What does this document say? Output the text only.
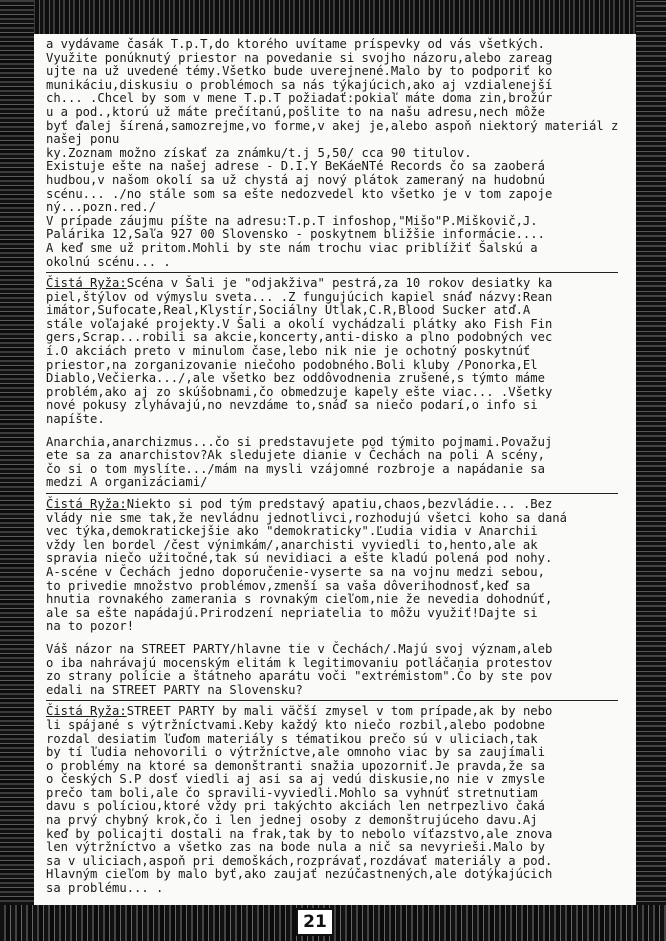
a vydávame časák T.p.T,do ktorého uvítame príspevky od vás všetkých.

Využite ponúknutý priestor na povedanie si svojho názoru,alebo zareag

ujte na už uvedené témy.Všetko bude uverejnené.Malo by to podporiť ko

munikáciu,diskusiu o problémoch sa nás týkajúcich,ako aj vzdialenejší

ch... .Chcel by som v mene T.p.T požiadať:pokiaľ máte doma zin,brožúr

u a pod.,ktorú už máte prečítanú,pošlite to na našu adresu,nech môže

byť ďalej šírená,samozrejme,vo forme,v akej je,alebo aspoň niektorý materiál z našej ponu

ky.Zoznam možno získať za známku/t.j 5,50/ cca 90 titulov.

Existuje ešte na našej adrese - D.I.Y BeKáeNTé Records čo sa zaoberá

hudbou,v našom okolí sa už chystá aj nový plátok zameraný na hudobnú

scénu... ./no stále som sa ešte nedozvedel kto všetko je v tom zapoje

ný...pozn.red./

V prípade záujmu píšte na adresu:T.p.T infoshop,"Mišo"P.Miškovič,J.

Palárika 12,Saľa 927 00 Slovensko - poskytnem bližšie informácie....

A keď sme už pritom.Mohli by ste nám trochu viac priblížiť Šalskú a

okolnú scénu... .

Čistá Ryža:Scéna v Šali je "odjakživa" pestrá,za 10 rokov desiatky ka

piel,štýlov od výmyslu sveta... .Z fungujúcich kapiel snáď názvy:Rean

imátor,Sufocate,Real,Klystír,Sociálny Útlak,C.R,Blood Sucker atď.A

stále voľajaké projekty.V Šali a okolí vychádzali plátky ako Fish Fin

gers,Scrap...robili sa akcie,koncerty,anti-disko a plno podobných vec

í.O akciách preto v minulom čase,lebo nik nie je ochotný poskytnúť

priestor,na zorganizovanie niečoho podobného.Boli kluby /Ponorka,El

Diablo,Večierka.../,ale všetko bez oddôvodnenia zrušené,s týmto máme

problém,ako aj zo skúšobnami,čo obmedzuje kapely ešte viac... .Všetky

nové pokusy zlyhávajú,no nevzdáme to,snáď sa niečo podarí,o info si

napíšte.

Anarchia,anarchizmus...čo si predstavujete pod týmito pojmami.Považuj

ete sa za anarchistov?Ak sledujete dianie v Čechách na poli A scény,

čo si o tom myslíte.../mám na mysli vzájomné rozbroje a napádanie sa

medzi A organizáciami/

Čistá Ryža:Niekto si pod tým predstavý apatiu,chaos,bezvládie... .Bez

vlády nie sme tak,že nevládnu jednotlivci,rozhodujú všetci koho sa daná

vec týka,demokratickejšie ako "demokraticky".Ľudia vidia v Anarchii

vždy len bordel /čest výnimkám/,anarchisti vyviedli to,hento,ale ak

spravia niečo užitočné,tak sú nevidiaci a ešte kladú polená pod nohy.

A-scéne v Čechách jedno doporučenie-vyserte sa na vojnu medzi sebou,

to privedie množstvo problémov,zmenší sa vaša dôverihodnosť,keď sa

hnutia rovnakého zamerania s rovnakým cieľom,nie že nevedia dohodnúť,

ale sa ešte napádajú.Prirodzení nepriatelia to môžu využiť!Dajte si

na to pozor!

Váš názor na STREET PARTY/hlavne tie v Čechách/.Majú svoj význam,aleb

o iba nahrávajú mocenským elitám k legitimovaniu potláčania protestov

zo strany polície a štátneho aparátu voči "extrémistom".Čo by ste pov

edali na STREET PARTY na Slovensku?

Čistá Ryža:STREET PARTY by mali väčší zmysel v tom prípade,ak by nebo

li spájané s výtržníctvami.Keby každý kto niečo rozbil,alebo podobne

rozdal desiatim ľuďom materiály s tématikou prečo sú v uliciach,tak

by tí ľudia nehovorili o výtržníctve,ale omnoho viac by sa zaujímali

o problémy na ktoré sa demonštranti snažia upozorniť.Je pravda,že sa

o českých S.P dosť viedli aj asi sa aj vedú diskusie,no nie v zmysle

prečo tam boli,ale čo spravili-vyviedli.Mohlo sa vyhnúť stretnutiam

davu s políciou,ktoré vždy pri takýchto akciách len netrpezlivo čaká

na prvý chybný krok,čo i len jednej osoby z demonštrujúceho davu.Aj

keď by policajti dostali na frak,tak by to nebolo víťazstvo,ale znova

len výtržníctvo a všetko zas na bode nula a nič sa nevyrieši.Malo by

sa v uliciach,aspoň pri demoškách,rozprávať,rozdávať materiály a pod.

Hlavným cieľom by malo byť,ako zaujať nezúčastnených,ale dotýkajúcich

sa problému... .

21
